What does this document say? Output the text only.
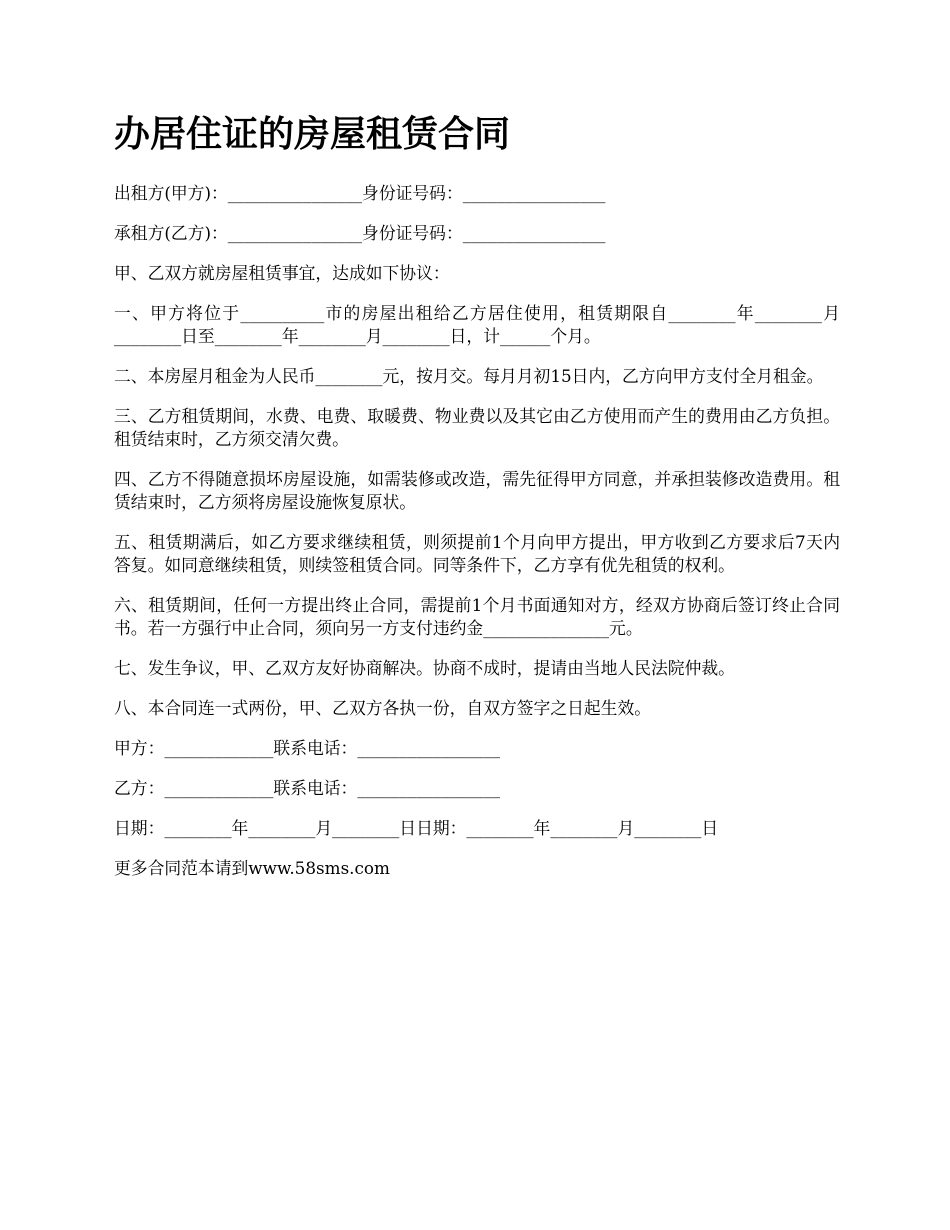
办居住证的房屋租赁合同

出租方(甲方)：________________身份证号码：_________________

承租方(乙方)：________________身份证号码：_________________

甲、乙双方就房屋租赁事宜，达成如下协议：

一、甲方将位于__________市的房屋出租给乙方居住使用，租赁期限自________年________月________日至________年________月________日，计______个月。

二、本房屋月租金为人民币________元，按月交。每月月初15日内，乙方向甲方支付全月租金。

三、乙方租赁期间，水费、电费、取暖费、物业费以及其它由乙方使用而产生的费用由乙方负担。租赁结束时，乙方须交清欠费。

四、乙方不得随意损坏房屋设施，如需装修或改造，需先征得甲方同意，并承担装修改造费用。租赁结束时，乙方须将房屋设施恢复原状。

五、租赁期满后，如乙方要求继续租赁，则须提前1个月向甲方提出，甲方收到乙方要求后7天内答复。如同意继续租赁，则续签租赁合同。同等条件下，乙方享有优先租赁的权利。

六、租赁期间，任何一方提出终止合同，需提前1个月书面通知对方，经双方协商后签订终止合同书。若一方强行中止合同，须向另一方支付违约金_______________元。

七、发生争议，甲、乙双方友好协商解决。协商不成时，提请由当地人民法院仲裁。

八、本合同连一式两份，甲、乙双方各执一份，自双方签字之日起生效。

甲方：_____________联系电话：_________________

乙方：_____________联系电话：_________________

日期：________年________月________日日期：________年________月________日

更多合同范本请到www.58sms.com
